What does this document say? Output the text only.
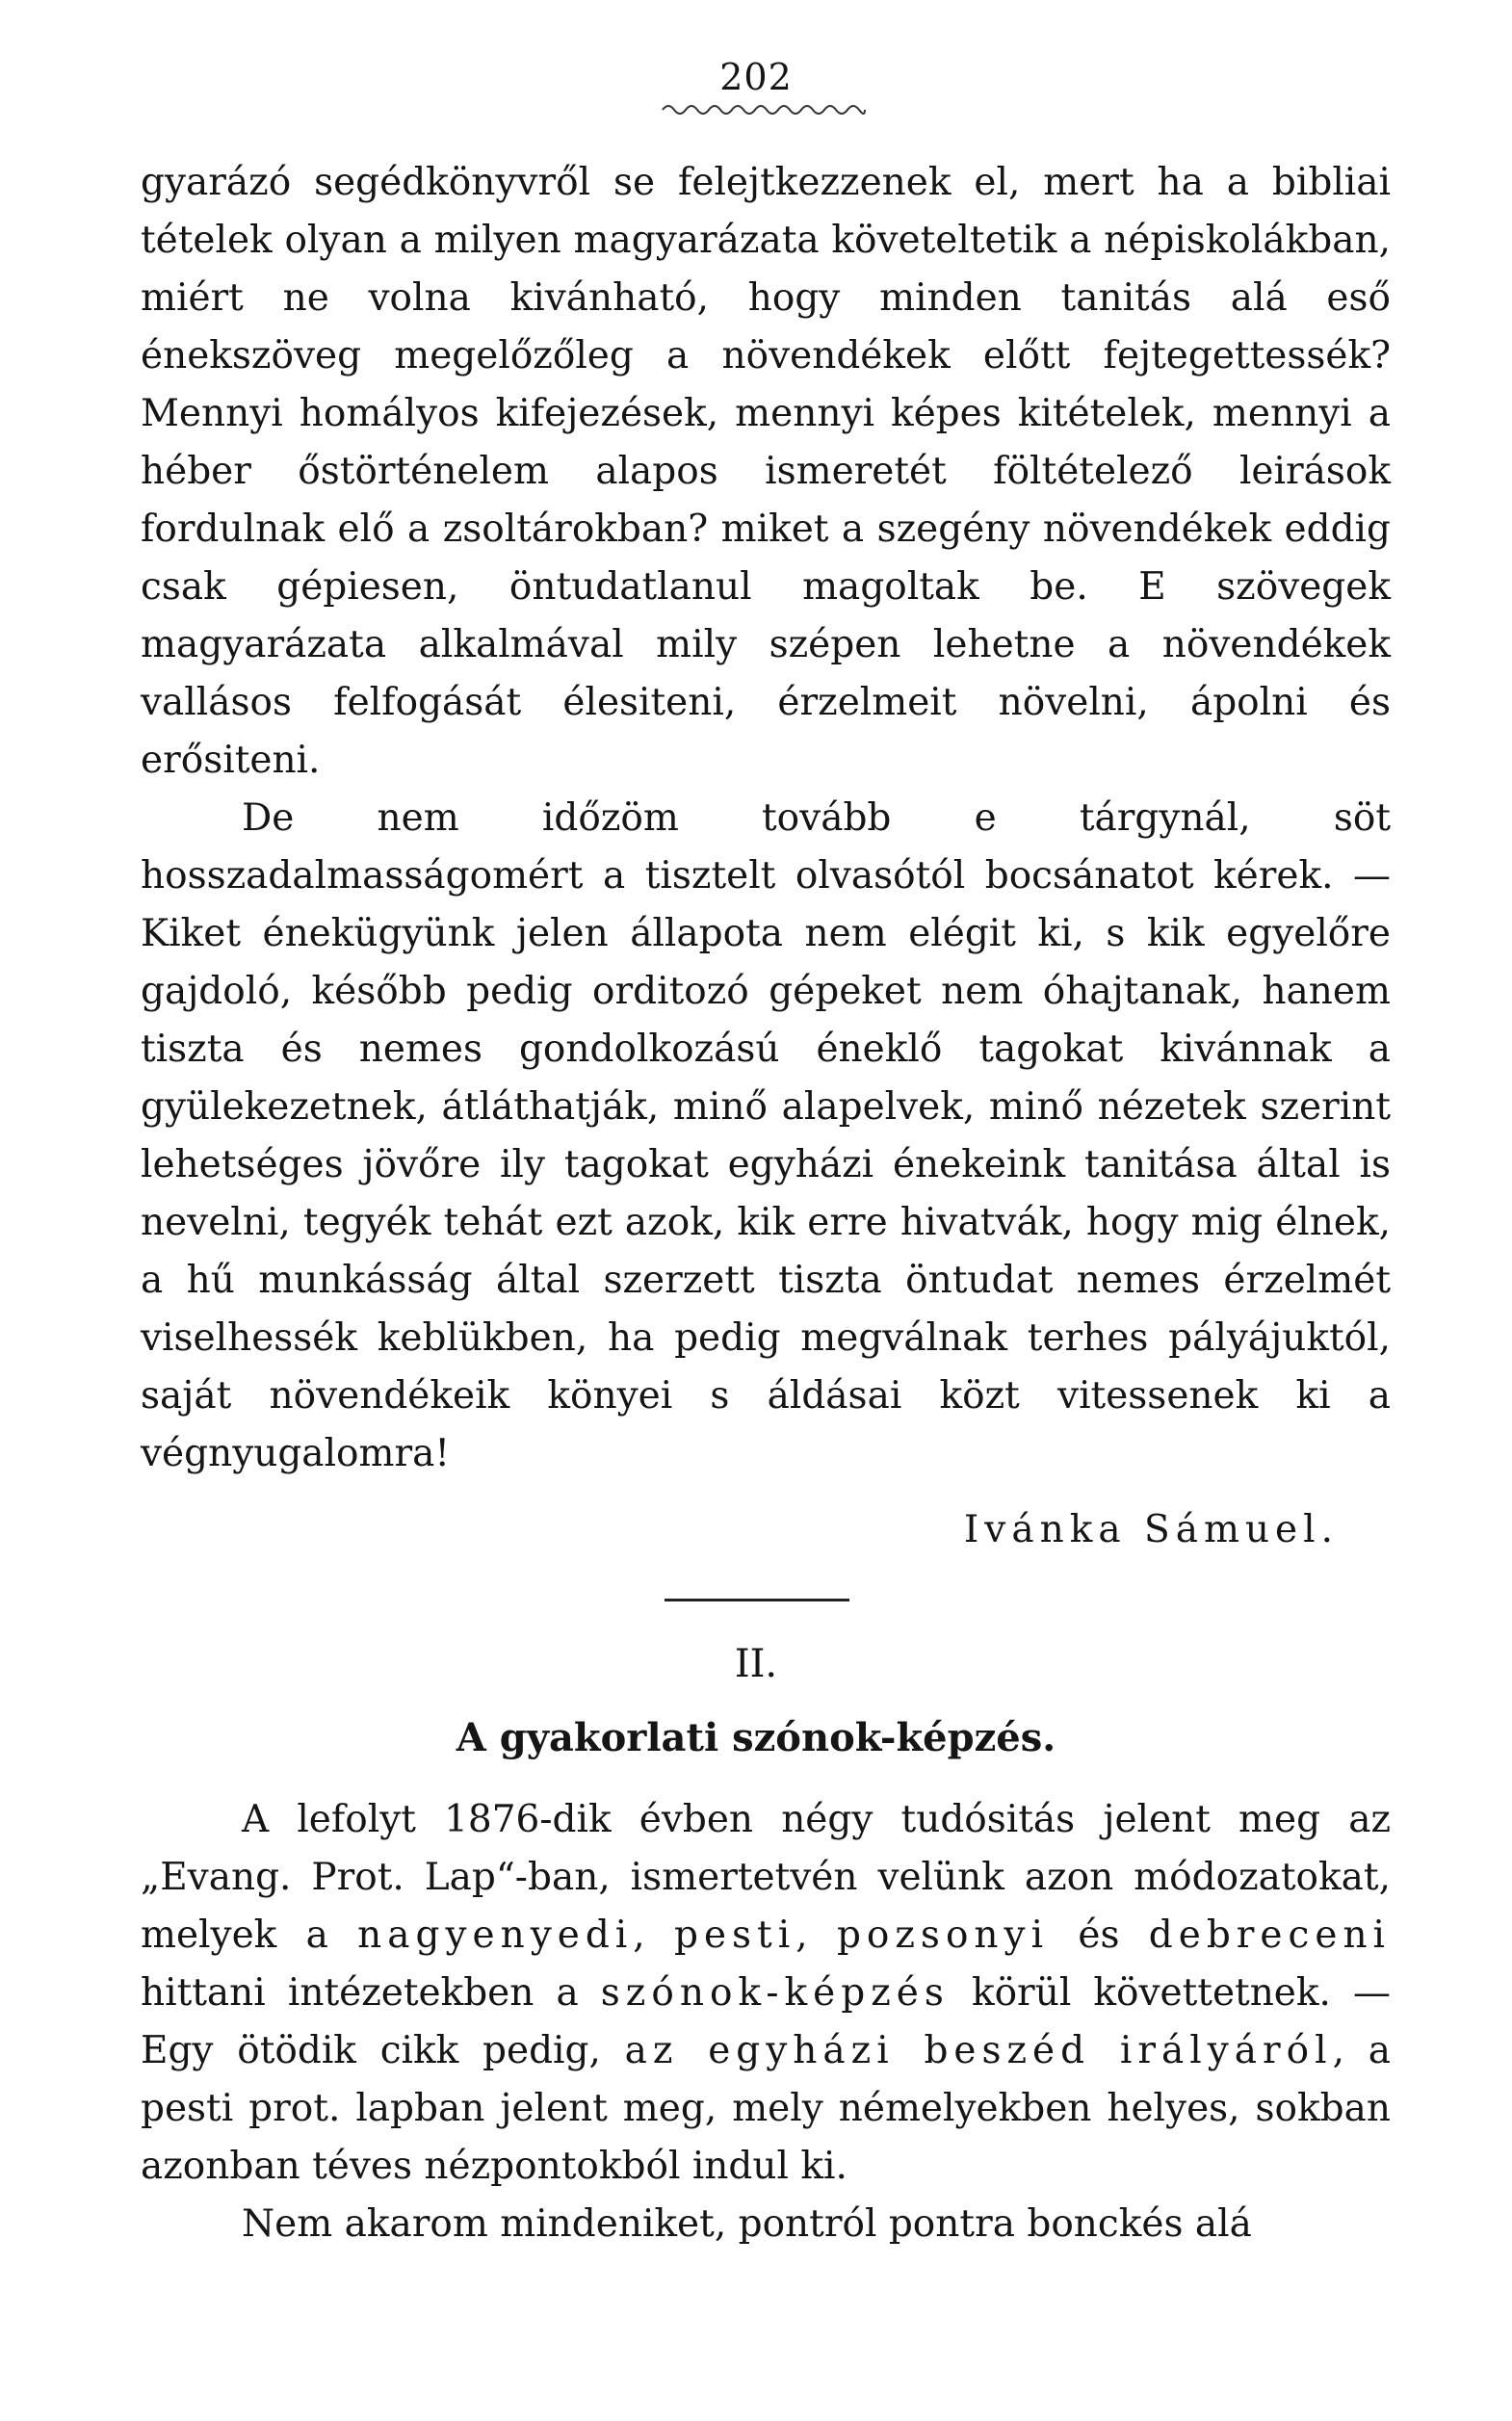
202

gyarázó segédkönyvről se felejtkezzenek el, mert ha a bibliai tételek olyan a milyen magyarázata követeltetik a népiskolákban, miért ne volna kivánható, hogy minden tanitás alá eső énekszöveg megelőzőleg a növendékek előtt fejtegettessék? Mennyi homályos kifejezések, mennyi képes kitételek, mennyi a héber őstörténelem alapos ismeretét föltételező leirások fordulnak elő a zsoltárokban? miket a szegény növendékek eddig csak gépiesen, öntudatlanul magoltak be. E szövegek magyarázata alkalmával mily szépen lehetne a növendékek vallásos felfogását élesiteni, érzelmeit növelni, ápolni és erősiteni.

De nem időzöm tovább e tárgynál, söt hosszadalmasságomért a tisztelt olvasótól bocsánatot kérek. — Kiket énekügyünk jelen állapota nem elégit ki, s kik egyelőre gajdoló, később pedig orditozó gépeket nem óhajtanak, hanem tiszta és nemes gondolkozású éneklő tagokat kivánnak a gyülekezetnek, átláthatják, minő alapelvek, minő nézetek szerint lehetséges jövőre ily tagokat egyházi énekeink tanitása által is nevelni, tegyék tehát ezt azok, kik erre hivatvák, hogy mig élnek, a hű munkásság által szerzett tiszta öntudat nemes érzelmét viselhessék keblükben, ha pedig megválnak terhes pályájuktól, saját növendékeik könyei s áldásai közt vitessenek ki a végnyugalomra!

Ivánka Sámuel.
II.
A gyakorlati szónok-képzés.

A lefolyt 1876-dik évben négy tudósitás jelent meg az „Evang. Prot. Lap“-ban, ismertetvén velünk azon módozatokat, melyek a nagyenyedi, pesti, pozsonyi és debreceni hittani intézetekben a szónok-képzés körül követtetnek. — Egy ötödik cikk pedig, az egyházi beszéd irályáról, a pesti prot. lapban jelent meg, mely némelyekben helyes, sokban azonban téves nézpontokból indul ki.

Nem akarom mindeniket, pontról pontra bonckés alá
